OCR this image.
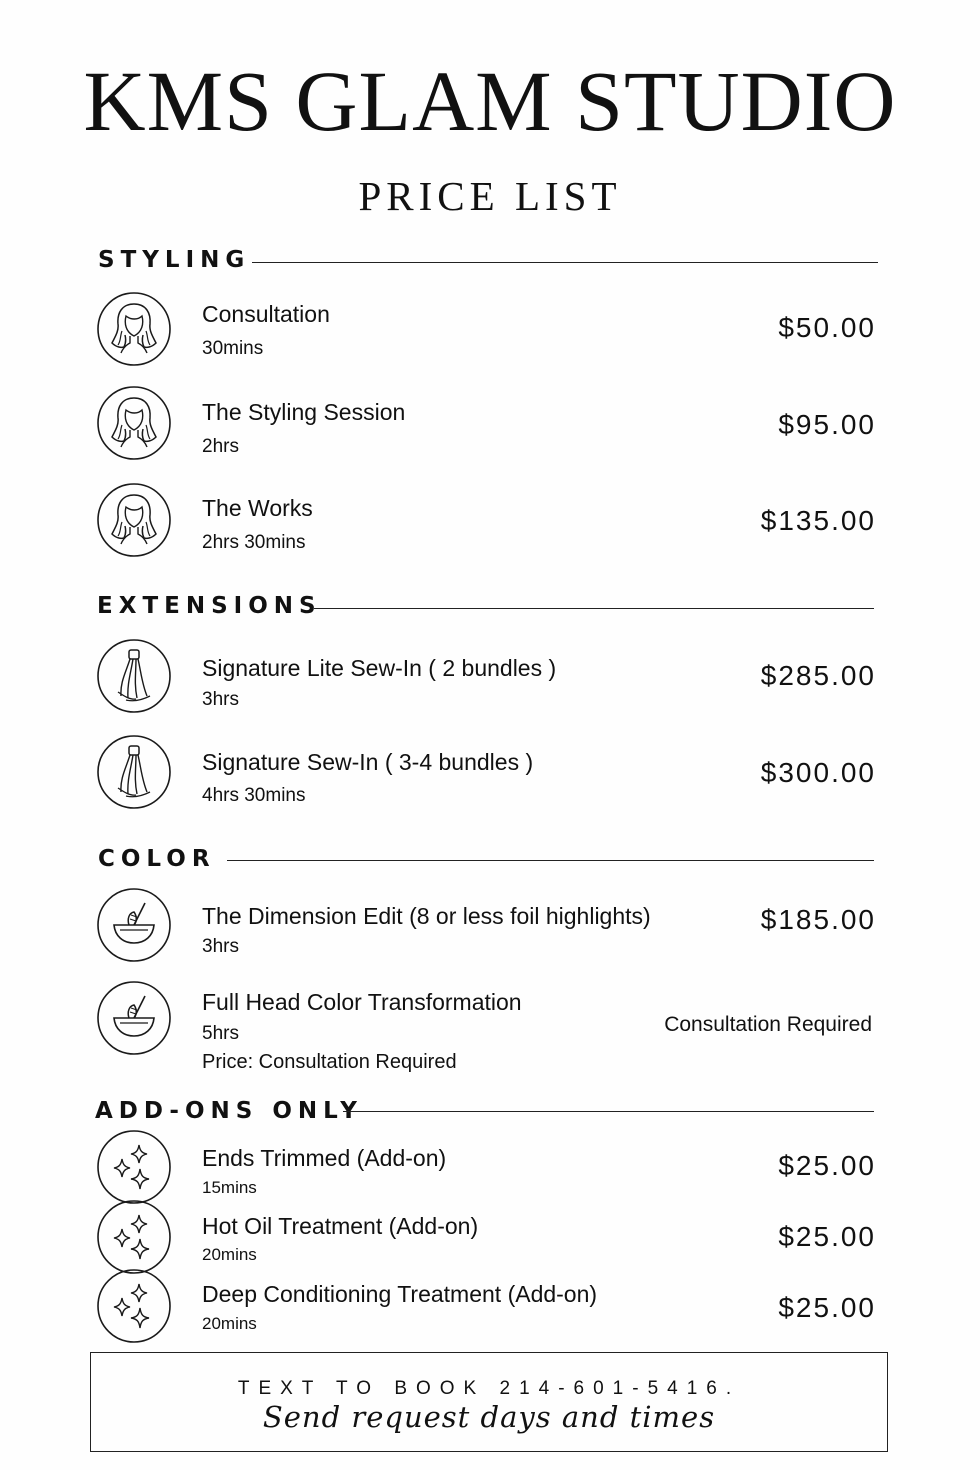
KMS GLAM STUDIO
PRICE LIST
STYLING
Consultation
30mins
$50.00
The Styling Session
2hrs
$95.00
The Works
2hrs 30mins
$135.00
EXTENSIONS
Signature Lite Sew-In ( 2 bundles )
3hrs
$285.00
Signature Sew-In ( 3-4 bundles )
4hrs 30mins
$300.00
COLOR
The Dimension Edit (8 or less foil highlights)
3hrs
$185.00
Full Head Color Transformation
5hrs
Price: Consultation Required
Consultation Required
ADD-ONS ONLY
Ends Trimmed (Add-on)
15mins
$25.00
Hot Oil Treatment (Add-on)
20mins
$25.00
Deep Conditioning Treatment (Add-on)
20mins
$25.00
TEXT TO BOOK 214-601-5416.
Send request days and times
